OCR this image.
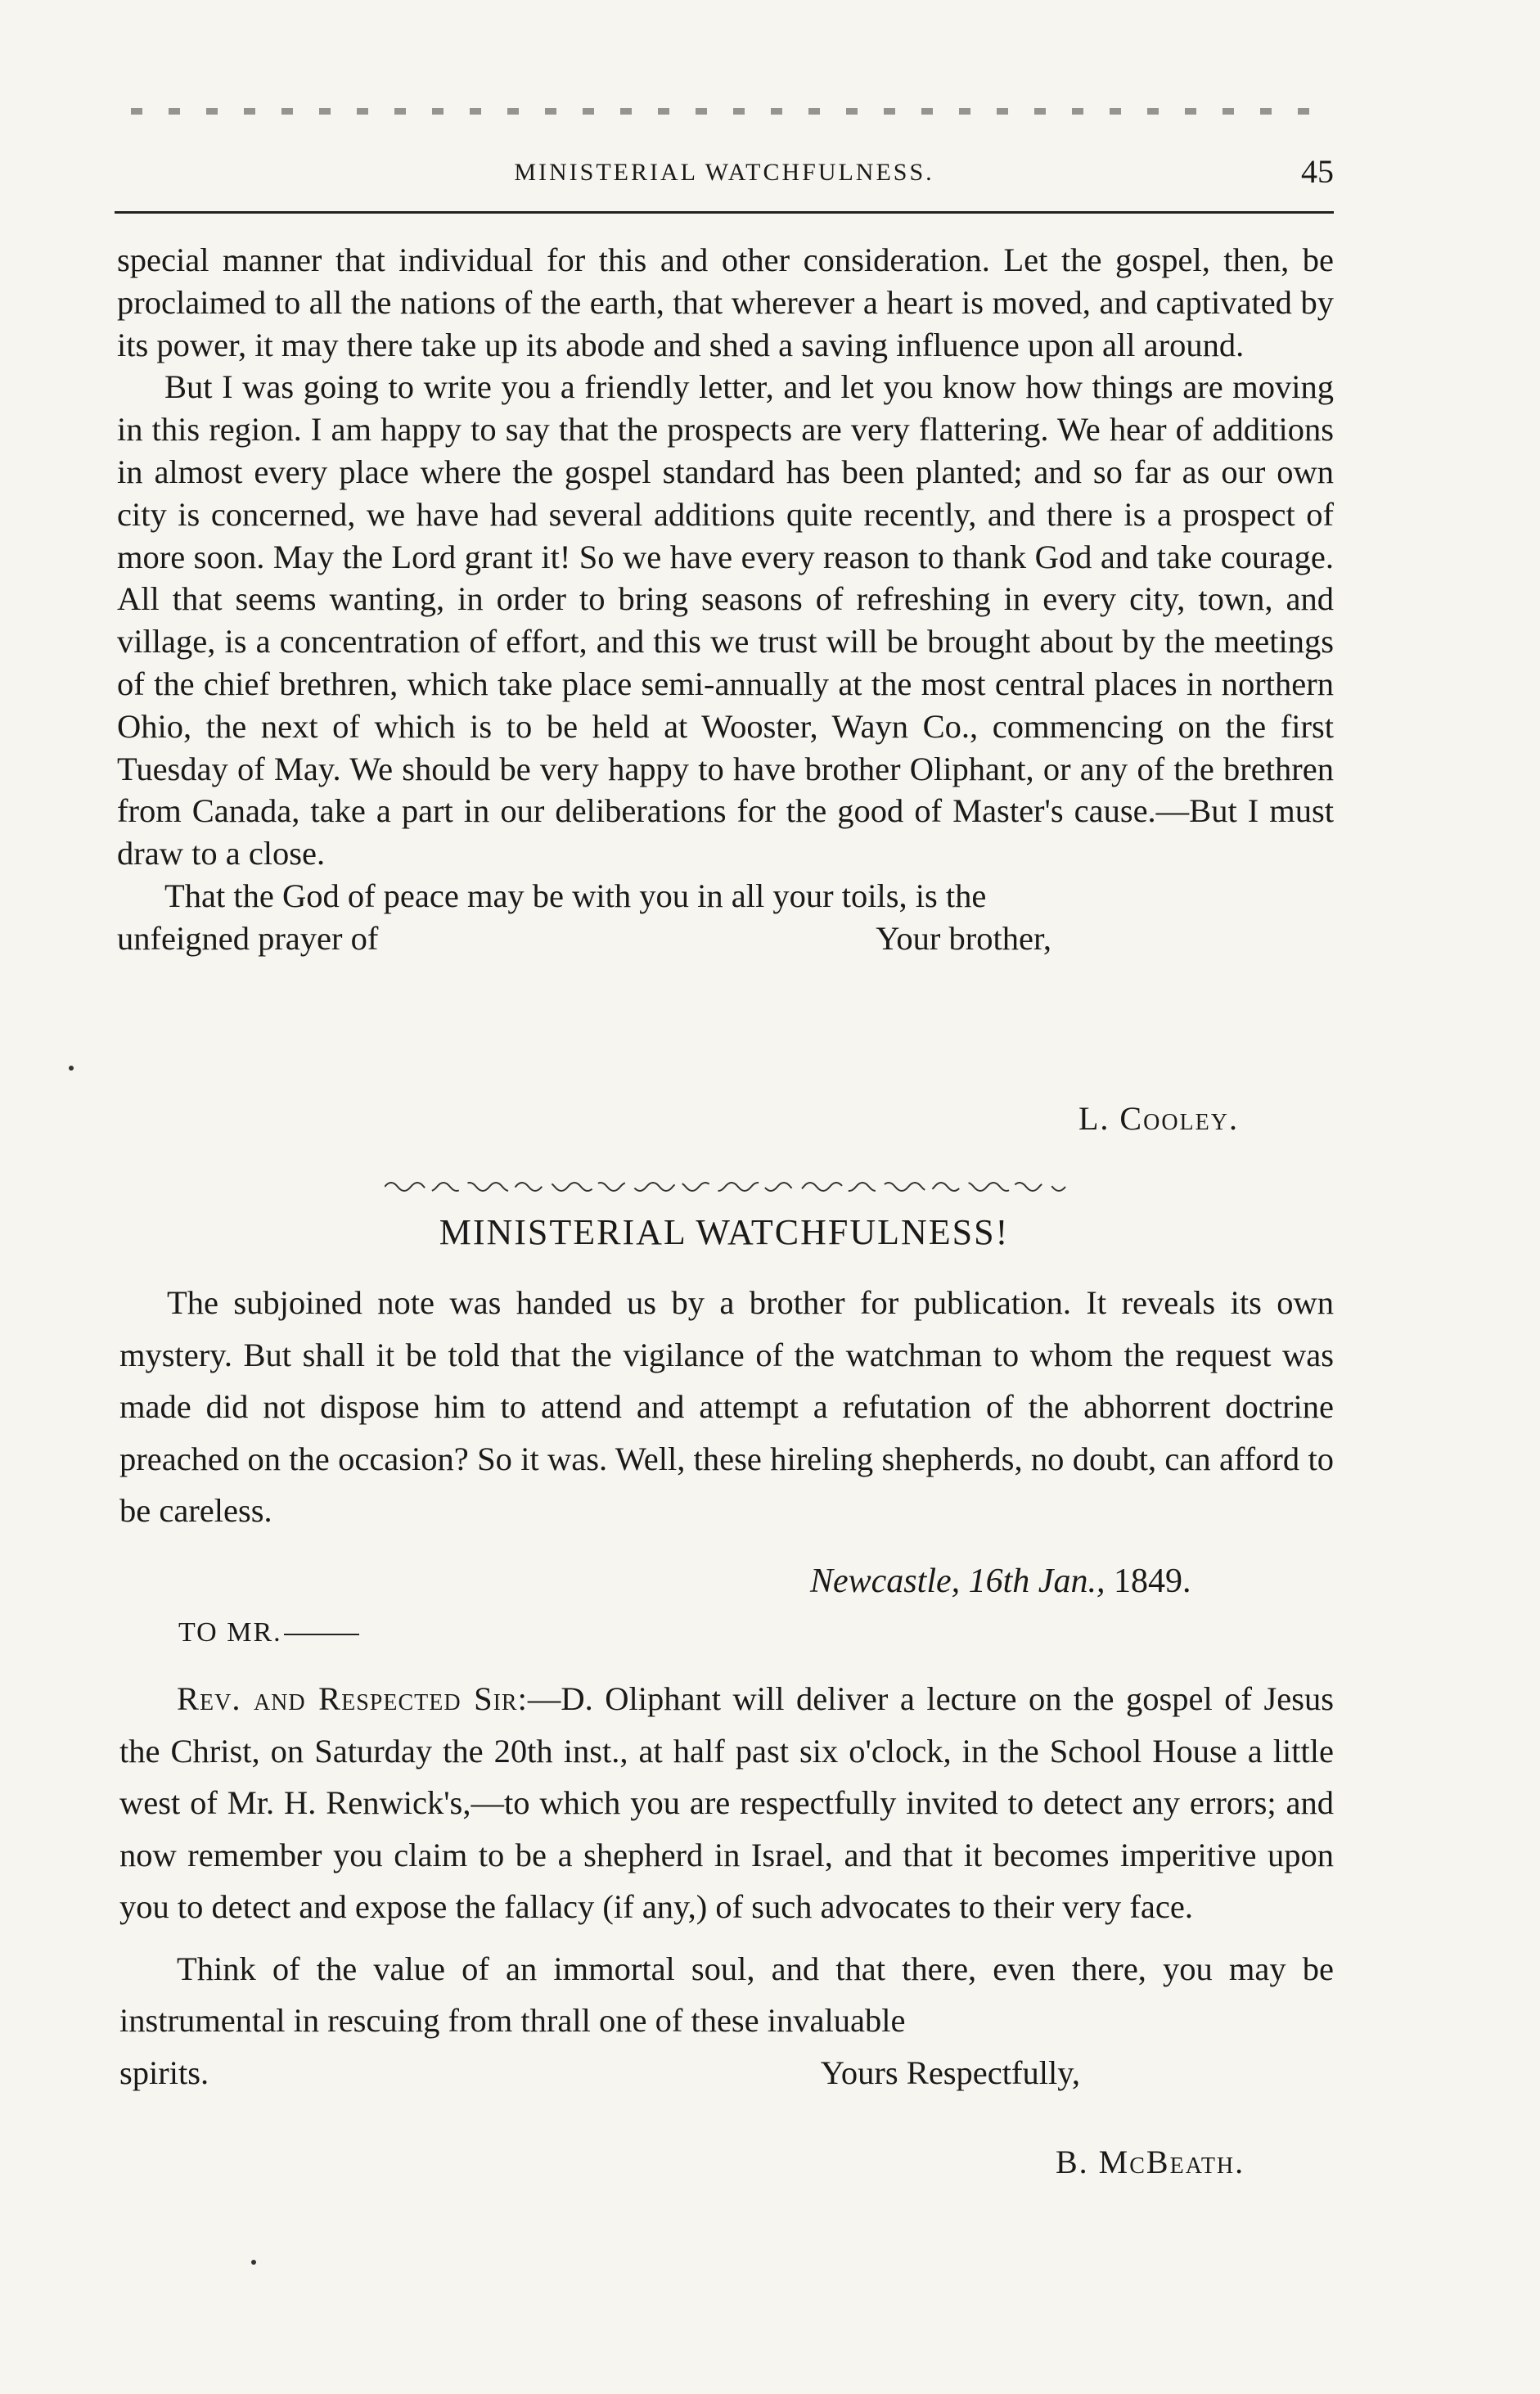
MINISTERIAL WATCHFULNESS.	45

special manner that individual for this and other consideration. Let the gospel, then, be proclaimed to all the nations of the earth, that wherever a heart is moved, and captivated by its power, it may there take up its abode and shed a saving influence upon all around.

But I was going to write you a friendly letter, and let you know how things are moving in this region. I am happy to say that the prospects are very flattering. We hear of additions in almost every place where the gospel standard has been planted; and so far as our own city is concerned, we have had several additions quite recently, and there is a prospect of more soon. May the Lord grant it! So we have every reason to thank God and take courage. All that seems wanting, in order to bring seasons of refreshing in every city, town, and village, is a concentration of effort, and this we trust will be brought about by the meetings of the chief brethren, which take place semi-annually at the most central places in northern Ohio, the next of which is to be held at Wooster, Wayn Co., commencing on the first Tuesday of May. We should be very happy to have brother Oliphant, or any of the brethren from Canada, take a part in our deliberations for the good of Master's cause.—But I must draw to a close.

That the God of peace may be with you in all your toils, is the

unfeigned prayer of	Your brother,
L. Cooley.
MINISTERIAL WATCHFULNESS!

The subjoined note was handed us by a brother for publication. It reveals its own mystery. But shall it be told that the vigilance of the watchman to whom the request was made did not dispose him to attend and attempt a refutation of the abhorrent doctrine preached on the occasion? So it was. Well, these hireling shepherds, no doubt, can afford to be careless.

Newcastle, 16th Jan., 1849.
TO MR.

Rev. and Respected Sir:—D. Oliphant will deliver a lecture on the gospel of Jesus the Christ, on Saturday the 20th inst., at half past six o'clock, in the School House a little west of Mr. H. Renwick's,—to which you are respectfully invited to detect any errors; and now remember you claim to be a shepherd in Israel, and that it becomes imperitive upon you to detect and expose the fallacy (if any,) of such advocates to their very face.

Think of the value of an immortal soul, and that there, even there, you may be instrumental in rescuing from thrall one of these invaluable

spirits.	Yours Respectfully,
B. McBeath.
